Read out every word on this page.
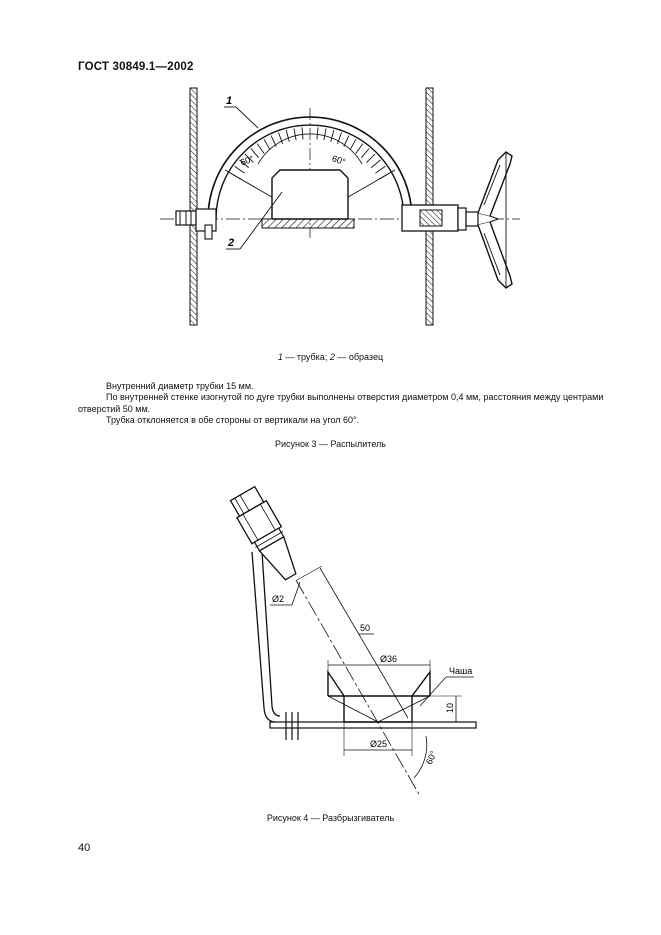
ГОСТ 30849.1—2002
60°	60°
1
2
1 — трубка; 2 — образец
Внутренний диаметр трубки 15 мм.
По внутренней стенке изогнутой по дуге трубки выполнены отверстия диаметром 0,4 мм, расстояния между центрами отверстий 50 мм.
Трубка отклоняется в обе стороны от вертикали на угол 60°.
Рисунок 3 — Распылитель
50
Ø2
Ø36
Чаша
10
Ø25
60°
Рисунок 4 — Разбрызгиватель
40
